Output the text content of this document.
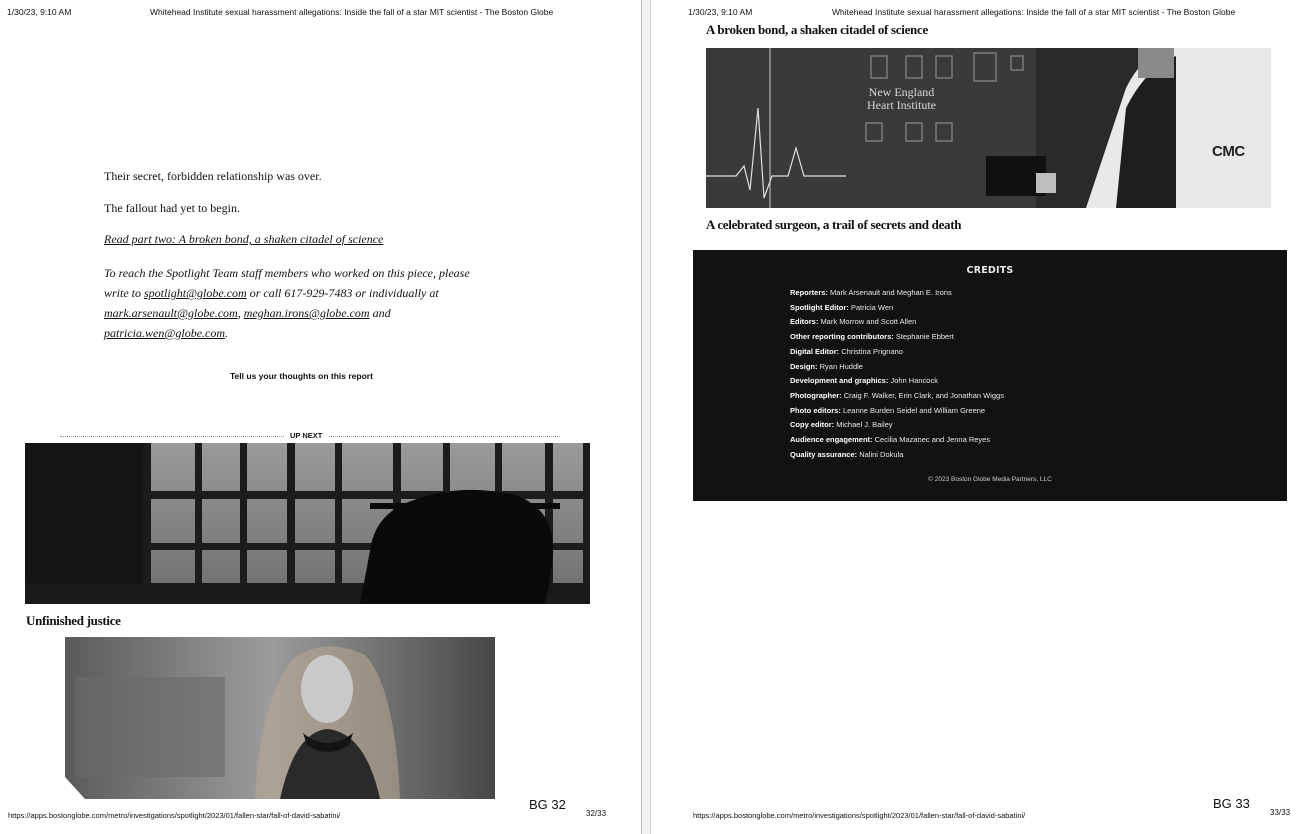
1/30/23, 9:10 AM	Whitehead Institute sexual harassment allegations: Inside the fall of a star MIT scientist - The Boston Globe
Their secret, forbidden relationship was over.
The fallout had yet to begin.
Read part two: A broken bond, a shaken citadel of science
To reach the Spotlight Team staff members who worked on this piece, please
write to spotlight@globe.com or call 617-929-7483 or individually at
mark.arsenault@globe.com, meghan.irons@globe.com and
patricia.wen@globe.com.
Tell us your thoughts on this report
UP NEXT
Unfinished justice
https://apps.bostonglobe.com/metro/investigations/spotlight/2023/01/fallen-star/fall-of-david-sabatini/
BG 32
32/33
1/30/23, 9:10 AM	Whitehead Institute sexual harassment allegations: Inside the fall of a star MIT scientist - The Boston Globe
A broken bond, a shaken citadel of science
New England
Heart Institute
CMC
A celebrated surgeon, a trail of secrets and death
CREDITS
Reporters: Mark Arsenault and Meghan E. Irons
Spotlight Editor: Patricia Wen
Editors: Mark Morrow and Scott Allen
Other reporting contributors: Stephanie Ebbert
Digital Editor: Christina Prignano
Design: Ryan Huddle
Development and graphics: John Hancock
Photographer: Craig F. Walker, Erin Clark, and Jonathan Wiggs
Photo editors: Leanne Burden Seidel and William Greene
Copy editor: Michael J. Bailey
Audience engagement: Cecilia Mazanec and Jenna Reyes
Quality assurance: Nalini Dokula
© 2023 Boston Globe Media Partners, LLC
https://apps.bostonglobe.com/metro/investigations/spotlight/2023/01/fallen-star/fall-of-david-sabatini/
BG 33
33/33
